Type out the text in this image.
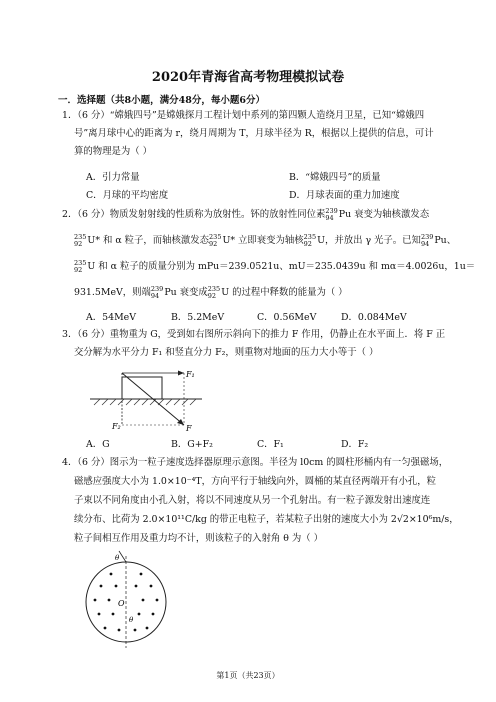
2020年青海省高考物理模拟试卷
一．选择题（共8小题，满分48分，每小题6分）
1．（6 分）“嫦娥四号”是嫦娥探月工程计划中系列的第四颗人造绕月卫星，已知“嫦娥四
号”离月球中心的距离为 r，绕月周期为 T，月球半径为 R，根据以上提供的信息，可计
算的物理是为（ ）
A．引力常量	B．“嫦娥四号”的质量
C．月球的平均密度	D．月球表面的重力加速度
2．（6 分）物质发射射线的性质称为放射性。钚的放射性同位素 239
94 Pu 衰变为轴核激发态
235
92 U* 和 α 粒子，而轴核激发态 235
92 U* 立即衰变为轴核 235
92 U，并放出 γ 光子。已知 239
94 Pu、
235
92 U 和 α 粒子的质量分别为 mPu＝239.0521u、mU＝235.0439u 和 mα＝4.0026u，1u＝
931.5MeV，则端 239
94 Pu 衰变成 235
92 U 的过程中释数的能量为（ ）
A．54MeV	B．5.2MeV	C．0.56MeV	D．0.084MeV
3．（6 分）重物重为 G，受到如右图所示斜向下的推力 F 作用，仍静止在水平面上．将 F 正
交分解为水平分力 F₁ 和竖直分力 F₂，则重物对地面的压力大小等于（ ）
F₁
F₂	F
A．G	B．G+F₂	C．F₁	D．F₂
4．（6 分）图示为一粒子速度选择器原理示意图。半径为 l0cm 的圆柱形桶内有一匀强磁场，
磁感应强度大小为 1.0×10⁻⁴T，方向平行于轴线向外，圆桶的某直径两端开有小孔，粒
子束以不同角度由小孔入射，将以不同速度从另一个孔射出。有一粒子源发射出速度连
续分布、比荷为 2.0×10¹¹C/kg 的带正电粒子，若某粒子出射的速度大小为 2√2×10⁶m/s，
粒子间相互作用及重力均不计，则该粒子的入射角 θ 为（ ）
O
θ
θ
第1页（共23页）
